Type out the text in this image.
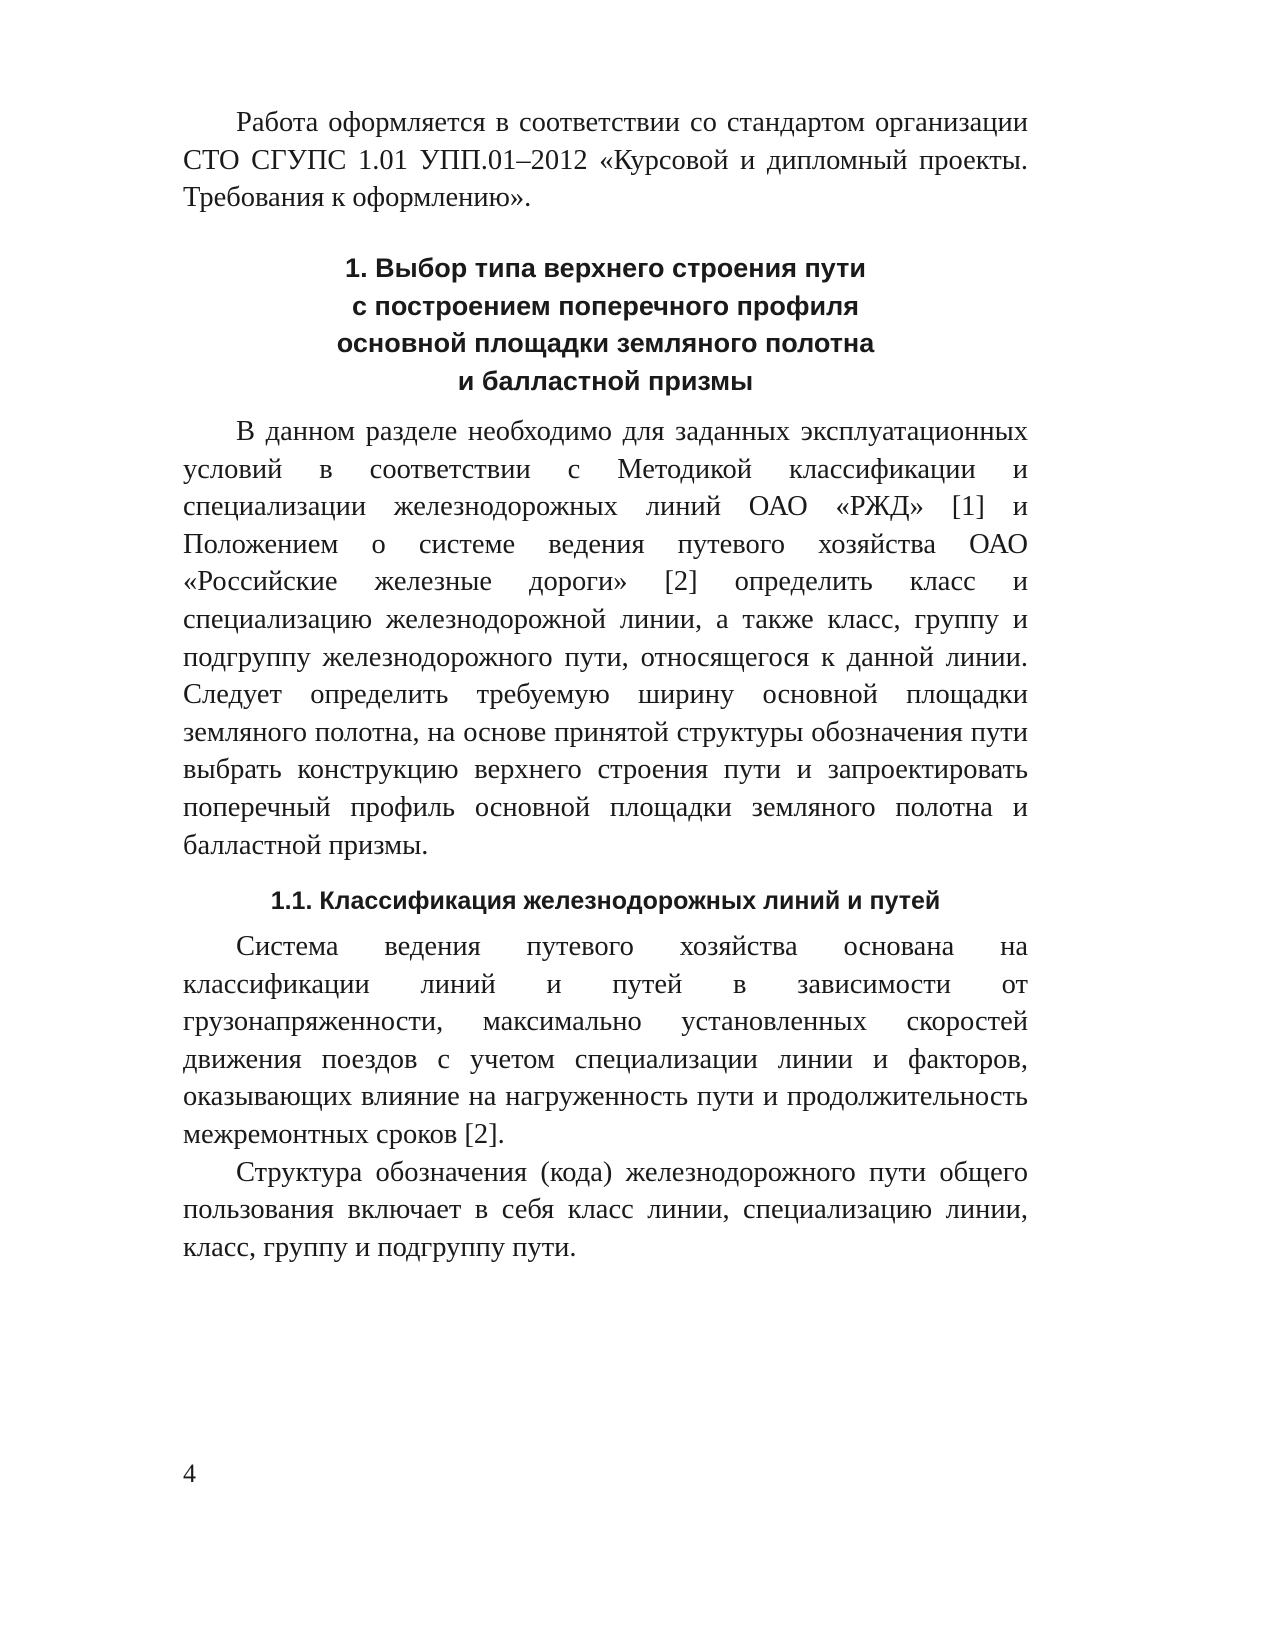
Работа оформляется в соответствии со стандартом организации СТО СГУПС 1.01 УПП.01–2012 «Курсовой и дипломный проекты. Требования к оформлению».

1. Выбор типа верхнего строения пути
с построением поперечного профиля
основной площадки земляного полотна
и балластной призмы

В данном разделе необходимо для заданных эксплуатационных условий в соответствии с Методикой классификации и специализации железнодорожных линий ОАО «РЖД» [1] и Положением о системе ведения путевого хозяйства ОАО «Российские железные дороги» [2] определить класс и специализацию железнодорожной линии, а также класс, группу и подгруппу железнодорожного пути, относящегося к данной линии. Следует определить требуемую ширину основной площадки земляного полотна, на основе принятой структуры обозначения пути выбрать конструкцию верхнего строения пути и запроектировать поперечный профиль основной площадки земляного полотна и балластной призмы.

1.1. Классификация железнодорожных линий и путей

Система ведения путевого хозяйства основана на классификации линий и путей в зависимости от грузонапряженности, максимально установленных скоростей движения поездов с учетом специализации линии и факторов, оказывающих влияние на нагруженность пути и продолжительность межремонтных сроков [2].

Структура обозначения (кода) железнодорожного пути общего пользования включает в себя класс линии, специализацию линии, класс, группу и подгруппу пути.

4
